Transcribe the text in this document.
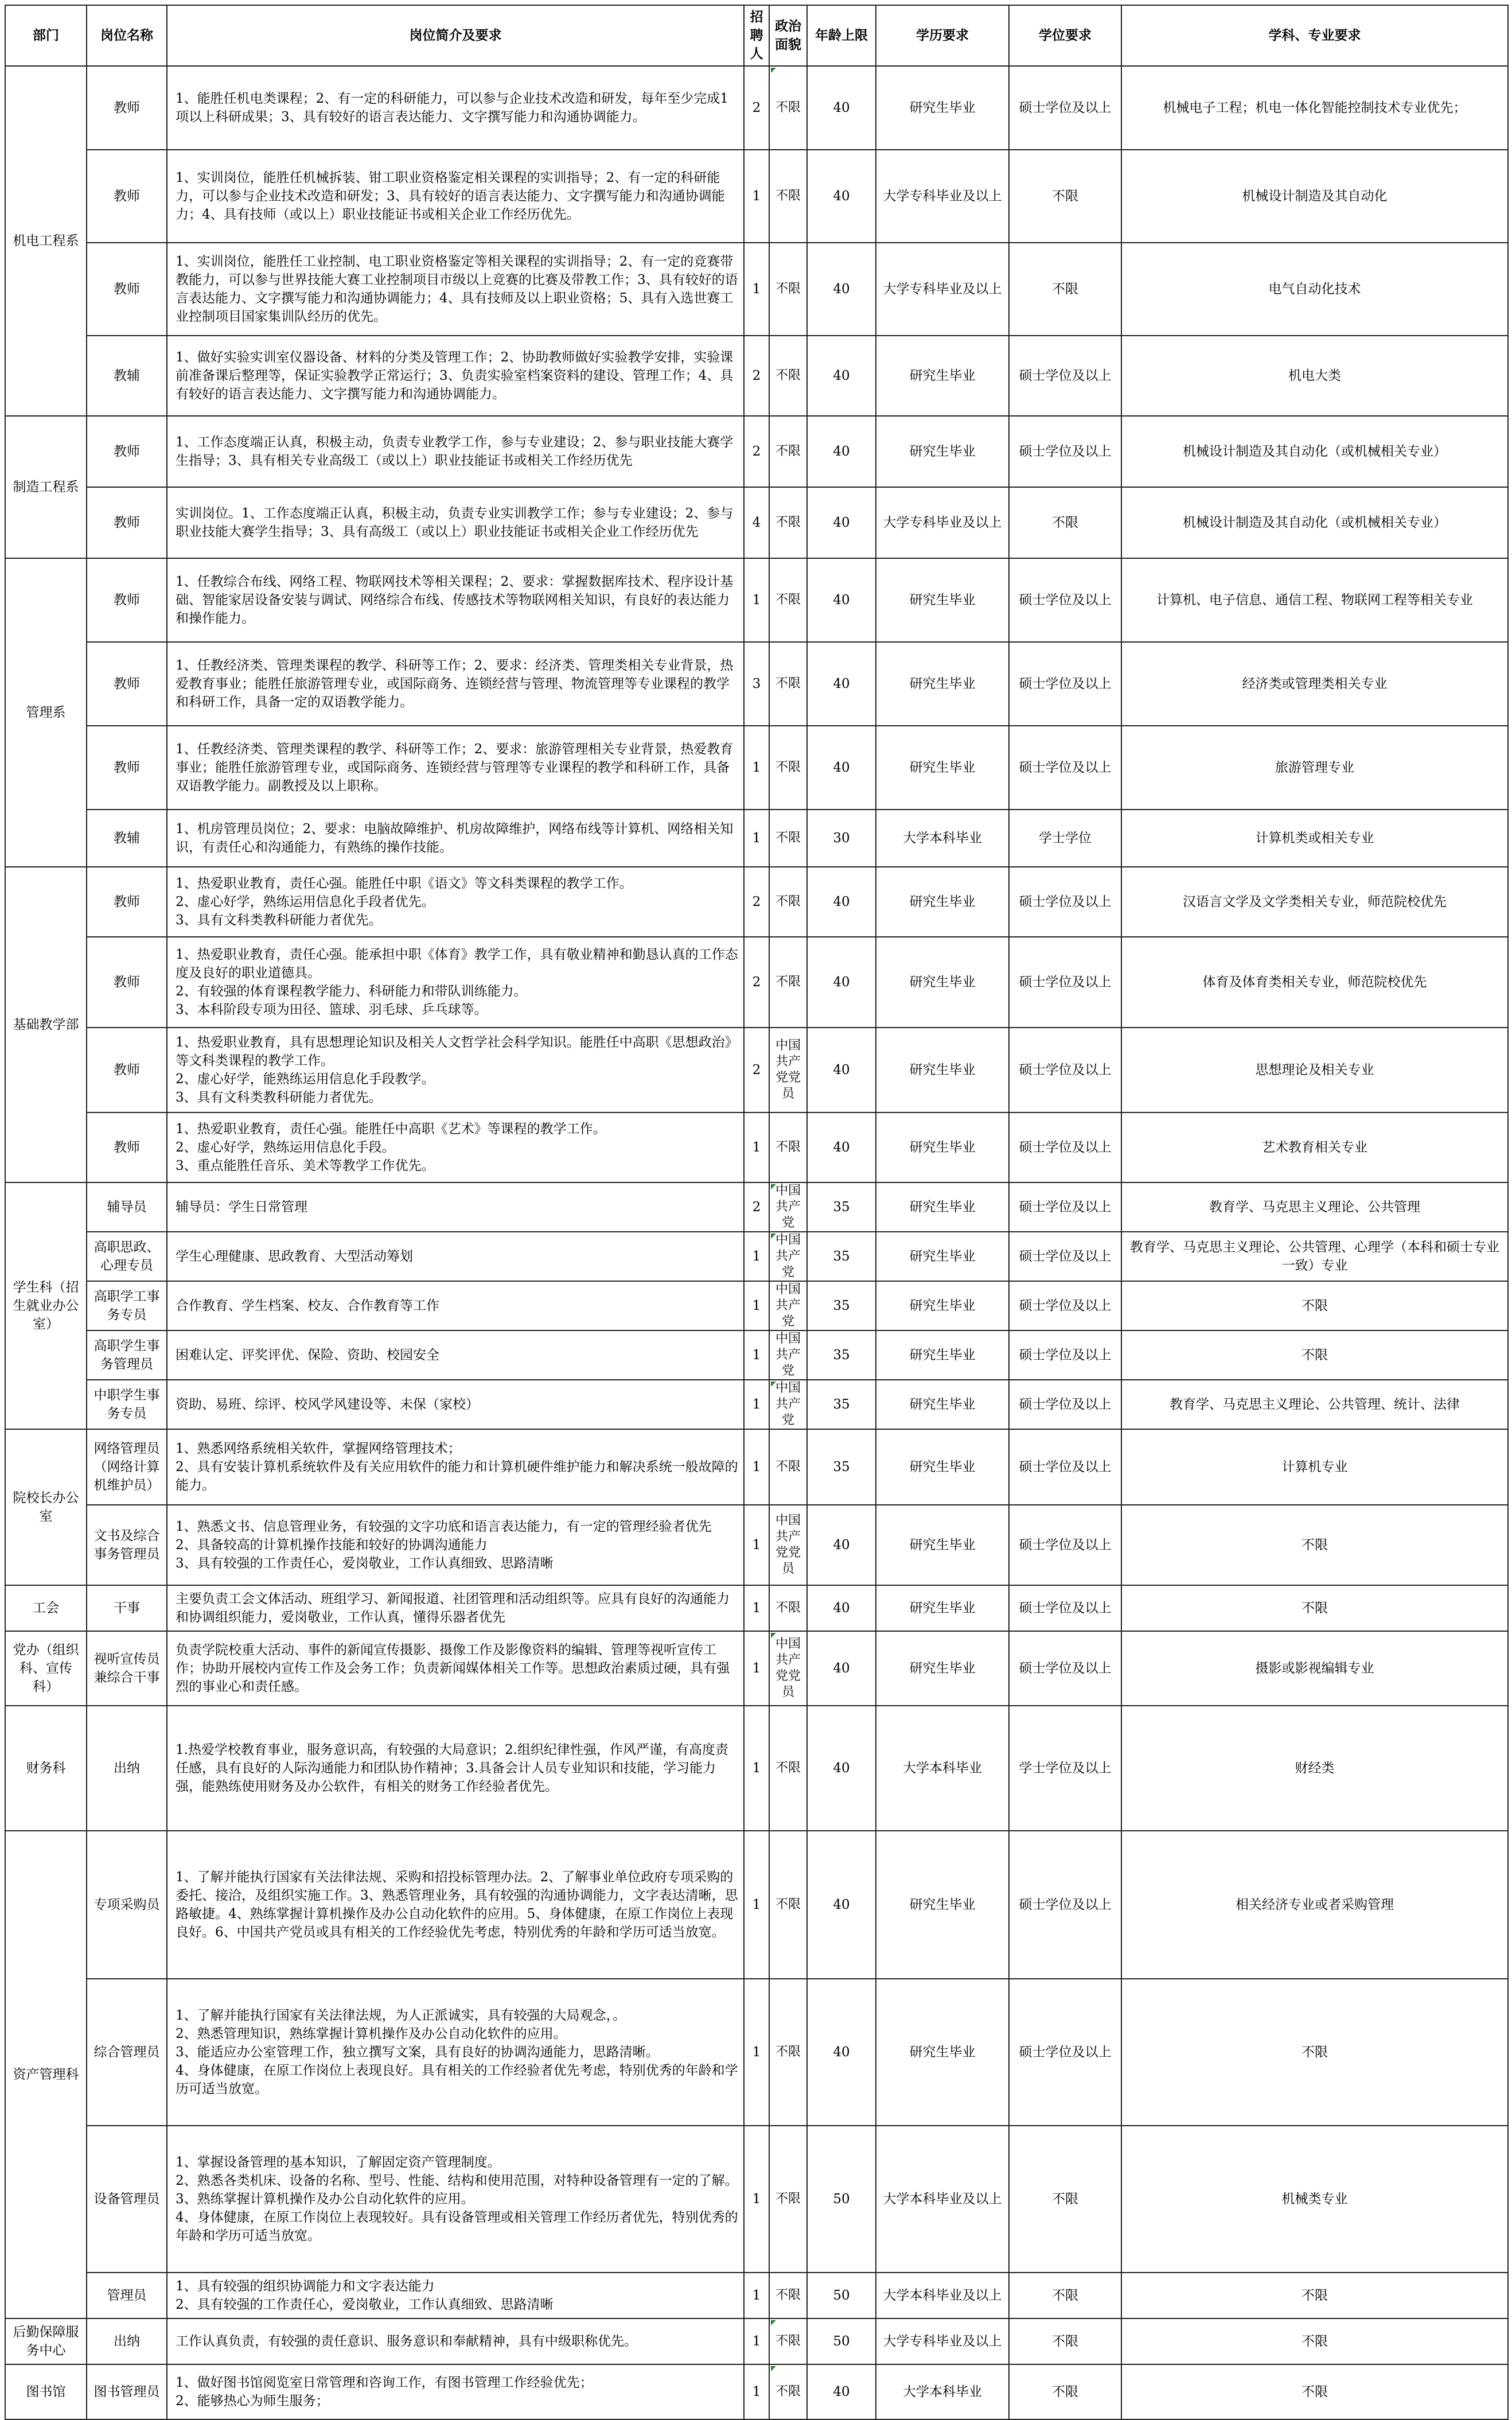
部门	岗位名称	岗位简介及要求	招聘人	政治面貌	年龄上限	学历要求	学位要求	学科、专业要求
机电工程系	教师	1、能胜任机电类课程；2、有一定的科研能力，可以参与企业技术改造和研发，每年至少完成1项以上科研成果；3、具有较好的语言表达能力、文字撰写能力和沟通协调能力。	2	不限	40	研究生毕业	硕士学位及以上	机械电子工程；机电一体化智能控制技术专业优先；
	教师	1、实训岗位，能胜任机械拆装、钳工职业资格鉴定相关课程的实训指导；2、有一定的科研能力，可以参与企业技术改造和研发；3、具有较好的语言表达能力、文字撰写能力和沟通协调能力；4、具有技师（或以上）职业技能证书或相关企业工作经历优先。	1	不限	40	大学专科毕业及以上	不限	机械设计制造及其自动化
	教师	1、实训岗位，能胜任工业控制、电工职业资格鉴定等相关课程的实训指导；2、有一定的竞赛带教能力，可以参与世界技能大赛工业控制项目市级以上竞赛的比赛及带教工作；3、具有较好的语言表达能力、文字撰写能力和沟通协调能力；4、具有技师及以上职业资格；5、具有入选世赛工业控制项目国家集训队经历的优先。	1	不限	40	大学专科毕业及以上	不限	电气自动化技术
	教辅	1、做好实验实训室仪器设备、材料的分类及管理工作；2、协助教师做好实验教学安排，实验课前准备课后整理等，保证实验教学正常运行；3、负责实验室档案资料的建设、管理工作；4、具有较好的语言表达能力、文字撰写能力和沟通协调能力。	2	不限	40	研究生毕业	硕士学位及以上	机电大类
制造工程系	教师	1、工作态度端正认真，积极主动，负责专业教学工作，参与专业建设；2、参与职业技能大赛学生指导；3、具有相关专业高级工（或以上）职业技能证书或相关工作经历优先	2	不限	40	研究生毕业	硕士学位及以上	机械设计制造及其自动化（或机械相关专业）
	教师	实训岗位。1、工作态度端正认真，积极主动，负责专业实训教学工作；参与专业建设；2、参与职业技能大赛学生指导；3、具有高级工（或以上）职业技能证书或相关企业工作经历优先	4	不限	40	大学专科毕业及以上	不限	机械设计制造及其自动化（或机械相关专业）
管理系	教师	1、任教综合布线、网络工程、物联网技术等相关课程；2、要求：掌握数据库技术、程序设计基础、智能家居设备安装与调试、网络综合布线、传感技术等物联网相关知识，有良好的表达能力和操作能力。	1	不限	40	研究生毕业	硕士学位及以上	计算机、电子信息、通信工程、物联网工程等相关专业
	教师	1、任教经济类、管理类课程的教学、科研等工作；2、要求：经济类、管理类相关专业背景，热爱教育事业；能胜任旅游管理专业，或国际商务、连锁经营与管理、物流管理等专业课程的教学和科研工作，具备一定的双语教学能力。	3	不限	40	研究生毕业	硕士学位及以上	经济类或管理类相关专业
	教师	1、任教经济类、管理类课程的教学、科研等工作；2、要求：旅游管理相关专业背景，热爱教育事业；能胜任旅游管理专业，或国际商务、连锁经营与管理等专业课程的教学和科研工作，具备双语教学能力。副教授及以上职称。	1	不限	40	研究生毕业	硕士学位及以上	旅游管理专业
	教辅	1、机房管理员岗位；2、要求：电脑故障维护、机房故障维护，网络布线等计算机、网络相关知识，有责任心和沟通能力，有熟练的操作技能。	1	不限	30	大学本科毕业	学士学位	计算机类或相关专业
基础教学部	教师	1、热爱职业教育，责任心强。能胜任中职《语文》等文科类课程的教学工作。
2、虚心好学，熟练运用信息化手段者优先。
3、具有文科类教科研能力者优先。	2	不限	40	研究生毕业	硕士学位及以上	汉语言文学及文学类相关专业，师范院校优先
	教师	1、热爱职业教育，责任心强。能承担中职《体育》教学工作，具有敬业精神和勤恳认真的工作态度及良好的职业道德具。
2、有较强的体育课程教学能力、科研能力和带队训练能力。
3、本科阶段专项为田径、篮球、羽毛球、乒乓球等。	2	不限	40	研究生毕业	硕士学位及以上	体育及体育类相关专业，师范院校优先
	教师	1、热爱职业教育，具有思想理论知识及相关人文哲学社会科学知识。能胜任中高职《思想政治》等文科类课程的教学工作。
2、虚心好学，能熟练运用信息化手段教学。
3、具有文科类教科研能力者优先。	2	中国共产党党员	40	研究生毕业	硕士学位及以上	思想理论及相关专业
	教师	1、热爱职业教育，责任心强。能胜任中高职《艺术》等课程的教学工作。
2、虚心好学，熟练运用信息化手段。
3、重点能胜任音乐、美术等教学工作优先。	1	不限	40	研究生毕业	硕士学位及以上	艺术教育相关专业
学生科（招生就业办公室）	辅导员	辅导员：学生日常管理	2	中国共产党	35	研究生毕业	硕士学位及以上	教育学、马克思主义理论、公共管理
	高职思政、心理专员	学生心理健康、思政教育、大型活动筹划	1	中国共产党	35	研究生毕业	硕士学位及以上	教育学、马克思主义理论、公共管理、心理学（本科和硕士专业一致）专业
	高职学工事务专员	合作教育、学生档案、校友、合作教育等工作	1	中国共产党	35	研究生毕业	硕士学位及以上	不限
	高职学生事务管理员	困难认定、评奖评优、保险、资助、校园安全	1	中国共产党	35	研究生毕业	硕士学位及以上	不限
	中职学生事务专员	资助、易班、综评、校风学风建设等、未保（家校）	1	中国共产党	35	研究生毕业	硕士学位及以上	教育学、马克思主义理论、公共管理、统计、法律
院校长办公室	网络管理员（网络计算机维护员）	1、熟悉网络系统相关软件，掌握网络管理技术；
2、具有安装计算机系统软件及有关应用软件的能力和计算机硬件维护能力和解决系统一般故障的能力。	1	不限	35	研究生毕业	硕士学位及以上	计算机专业
	文书及综合事务管理员	1、熟悉文书、信息管理业务，有较强的文字功底和语言表达能力，有一定的管理经验者优先
2、具备较高的计算机操作技能和较好的协调沟通能力
3、具有较强的工作责任心，爱岗敬业，工作认真细致、思路清晰	1	中国共产党党员	40	研究生毕业	硕士学位及以上	不限
工会	干事	主要负责工会文体活动、班组学习、新闻报道、社团管理和活动组织等。应具有良好的沟通能力和协调组织能力，爱岗敬业，工作认真，懂得乐器者优先	1	不限	40	研究生毕业	硕士学位及以上	不限
党办（组织科、宣传科）	视听宣传员兼综合干事	负责学院校重大活动、事件的新闻宣传摄影、摄像工作及影像资料的编辑、管理等视听宣传工作；协助开展校内宣传工作及会务工作；负责新闻媒体相关工作等。思想政治素质过硬，具有强烈的事业心和责任感。	1	中国共产党党员	40	研究生毕业	硕士学位及以上	摄影或影视编辑专业
财务科	出纳	1.热爱学校教育事业，服务意识高，有较强的大局意识；2.组织纪律性强，作风严谨，有高度责任感，具有良好的人际沟通能力和团队协作精神；3.具备会计人员专业知识和技能，学习能力强，能熟练使用财务及办公软件，有相关的财务工作经验者优先。	1	不限	40	大学本科毕业	学士学位及以上	财经类
资产管理科	专项采购员	1、了解并能执行国家有关法律法规、采购和招投标管理办法。2、了解事业单位政府专项采购的委托、接洽，及组织实施工作。3、熟悉管理业务，具有较强的沟通协调能力，文字表达清晰，思路敏捷。4、熟练掌握计算机操作及办公自动化软件的应用。5、身体健康，在原工作岗位上表现良好。6、中国共产党员或具有相关的工作经验优先考虑，特别优秀的年龄和学历可适当放宽。	1	不限	40	研究生毕业	硕士学位及以上	相关经济专业或者采购管理
	综合管理员	1、了解并能执行国家有关法律法规，为人正派诚实，具有较强的大局观念，。
2、熟悉管理知识，熟练掌握计算机操作及办公自动化软件的应用。
3、能适应办公室管理工作，独立撰写文案，具有良好的协调沟通能力，思路清晰。
4、身体健康，在原工作岗位上表现良好。具有相关的工作经验者优先考虑，特别优秀的年龄和学历可适当放宽。	1	不限	40	研究生毕业	硕士学位及以上	不限
	设备管理员	1、掌握设备管理的基本知识，了解固定资产管理制度。
2、熟悉各类机床、设备的名称、型号、性能、结构和使用范围，对特种设备管理有一定的了解。
3、熟练掌握计算机操作及办公自动化软件的应用。
4、身体健康，在原工作岗位上表现较好。具有设备管理或相关管理工作经历者优先，特别优秀的年龄和学历可适当放宽。	1	不限	50	大学本科毕业及以上	不限	机械类专业
	管理员	1、具有较强的组织协调能力和文字表达能力
2、具有较强的工作责任心，爱岗敬业，工作认真细致、思路清晰	1	不限	50	大学本科毕业及以上	不限	不限
后勤保障服务中心	出纳	工作认真负责，有较强的责任意识、服务意识和奉献精神，具有中级职称优先。	1	不限	50	大学专科毕业及以上	不限	不限
图书馆	图书管理员	1、做好图书馆阅览室日常管理和咨询工作，有图书管理工作经验优先；
2、能够热心为师生服务；	1	不限	40	大学本科毕业	不限	不限
